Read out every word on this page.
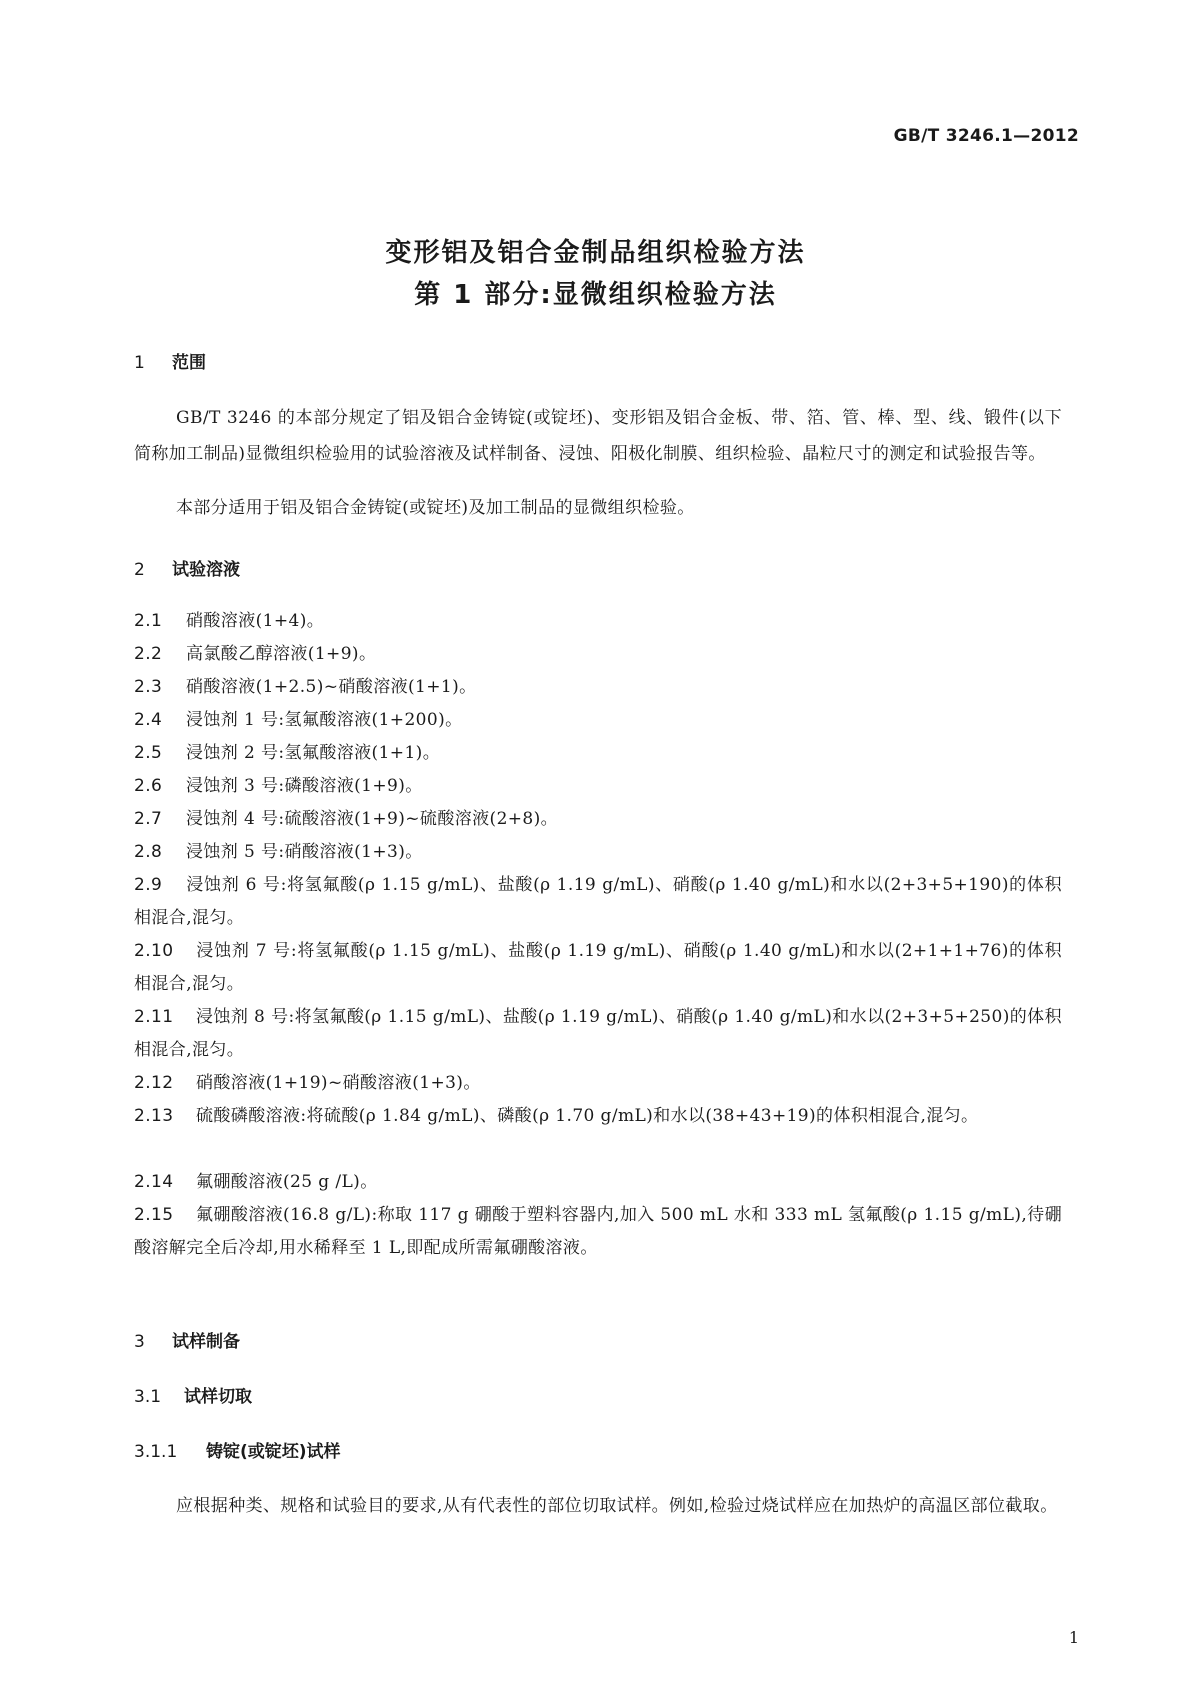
GB/T 3246.1—2012
变形铝及铝合金制品组织检验方法
第 1 部分:显微组织检验方法
1 范围
GB/T 3246 的本部分规定了铝及铝合金铸锭(或锭坯)、变形铝及铝合金板、带、箔、管、棒、型、线、锻件(以下简称加工制品)显微组织检验用的试验溶液及试样制备、浸蚀、阳极化制膜、组织检验、晶粒尺寸的测定和试验报告等。
本部分适用于铝及铝合金铸锭(或锭坯)及加工制品的显微组织检验。
2 试验溶液
2.1 硝酸溶液(1+4)。
2.2 高氯酸乙醇溶液(1+9)。
2.3 硝酸溶液(1+2.5)~硝酸溶液(1+1)。
2.4 浸蚀剂 1 号:氢氟酸溶液(1+200)。
2.5 浸蚀剂 2 号:氢氟酸溶液(1+1)。
2.6 浸蚀剂 3 号:磷酸溶液(1+9)。
2.7 浸蚀剂 4 号:硫酸溶液(1+9)~硫酸溶液(2+8)。
2.8 浸蚀剂 5 号:硝酸溶液(1+3)。
2.9 浸蚀剂 6 号:将氢氟酸(ρ 1.15 g/mL)、盐酸(ρ 1.19 g/mL)、硝酸(ρ 1.40 g/mL)和水以(2+3+5+190)的体积相混合,混匀。
2.10 浸蚀剂 7 号:将氢氟酸(ρ 1.15 g/mL)、盐酸(ρ 1.19 g/mL)、硝酸(ρ 1.40 g/mL)和水以(2+1+1+76)的体积相混合,混匀。
2.11 浸蚀剂 8 号:将氢氟酸(ρ 1.15 g/mL)、盐酸(ρ 1.19 g/mL)、硝酸(ρ 1.40 g/mL)和水以(2+3+5+250)的体积相混合,混匀。
2.12 硝酸溶液(1+19)~硝酸溶液(1+3)。
2.13 硫酸磷酸溶液:将硫酸(ρ 1.84 g/mL)、磷酸(ρ 1.70 g/mL)和水以(38+43+19)的体积相混合,混匀。
2.14 氟硼酸溶液(25 g /L)。
2.15 氟硼酸溶液(16.8 g/L):称取 117 g 硼酸于塑料容器内,加入 500 mL 水和 333 mL 氢氟酸(ρ 1.15 g/mL),待硼酸溶解完全后冷却,用水稀释至 1 L,即配成所需氟硼酸溶液。
3 试样制备
3.1 试样切取
3.1.1 铸锭(或锭坯)试样
应根据种类、规格和试验目的要求,从有代表性的部位切取试样。例如,检验过烧试样应在加热炉的高温区部位截取。
1
